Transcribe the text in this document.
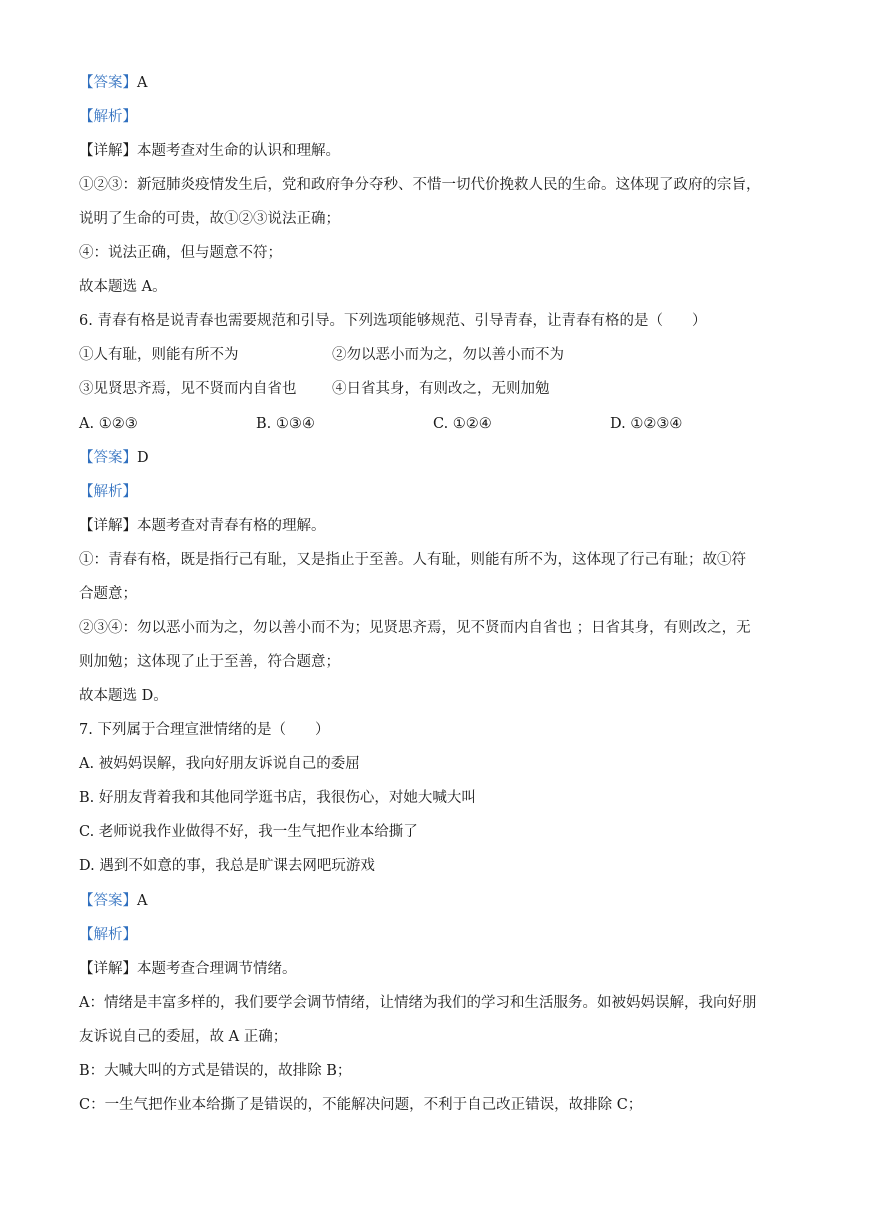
【答案】A
【解析】
【详解】本题考查对生命的认识和理解。
①②③：新冠肺炎疫情发生后，党和政府争分夺秒、不惜一切代价挽救人民的生命。这体现了政府的宗旨，
说明了生命的可贵，故①②③说法正确；
④：说法正确，但与题意不符；
故本题选 A。
6. 青春有格是说青春也需要规范和引导。下列选项能够规范、引导青春，让青春有格的是（　　）
①人有耻，则能有所不为	②勿以恶小而为之，勿以善小而不为
③见贤思齐焉，见不贤而内自省也 ④日省其身，有则改之，无则加勉
A. ①②③	B. ①③④	C. ①②④	D. ①②③④
【答案】D
【解析】
【详解】本题考查对青春有格的理解。
①：青春有格，既是指行己有耻，又是指止于至善。人有耻，则能有所不为，这体现了行己有耻；故①符
合题意；
②③④：勿以恶小而为之，勿以善小而不为；见贤思齐焉，见不贤而内自省也 ；日省其身，有则改之，无
则加勉；这体现了止于至善，符合题意；
故本题选 D。
7. 下列属于合理宣泄情绪的是（　　）
A. 被妈妈误解，我向好朋友诉说自己的委屈
B. 好朋友背着我和其他同学逛书店，我很伤心，对她大喊大叫
C. 老师说我作业做得不好，我一生气把作业本给撕了
D. 遇到不如意的事，我总是旷课去网吧玩游戏
【答案】A
【解析】
【详解】本题考查合理调节情绪。
A：情绪是丰富多样的，我们要学会调节情绪，让情绪为我们的学习和生活服务。如被妈妈误解，我向好朋
友诉说自己的委屈，故 A 正确；
B：大喊大叫的方式是错误的，故排除 B；
C：一生气把作业本给撕了是错误的，不能解决问题，不利于自己改正错误，故排除 C；
